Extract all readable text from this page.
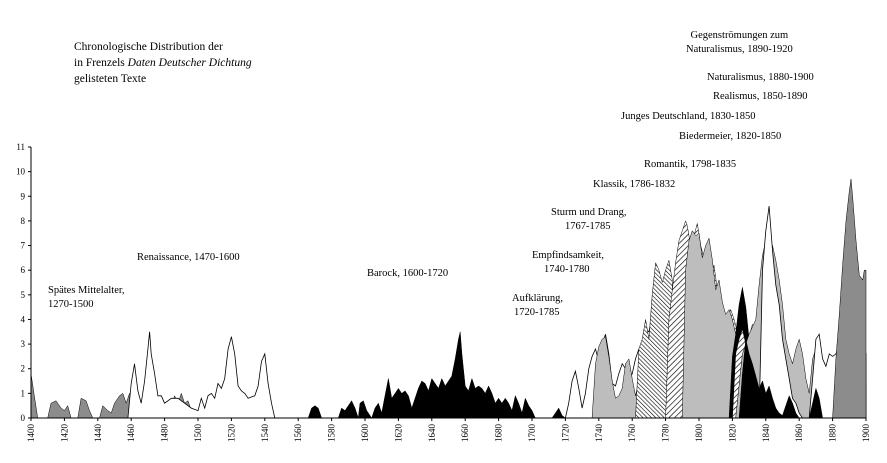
0
1
2
3
4
5
6
7
8
9
10
11
1400	1420	1440	1460	1480	1500	1520	1540	1560	1580	1600	1620	1640	1660	1680	1700	1720	1740	1760	1780	1800	1820	1840	1860	1880	1900
Chronologische Distribution der
in Frenzels Daten Deutscher Dichtung
gelisteten Texte
Spätes Mittelalter,
1270-1500
Renaissance, 1470-1600
Barock, 1600-1720
Aufklärung,
1720-1785
Empfindsamkeit,
1740-1780
Sturm und Drang,
1767-1785
Klassik, 1786-1832
Romantik, 1798-1835
Biedermeier, 1820-1850
Junges Deutschland, 1830-1850
Realismus, 1850-1890
Naturalismus, 1880-1900
Gegenströmungen zum
Naturalismus, 1890-1920
